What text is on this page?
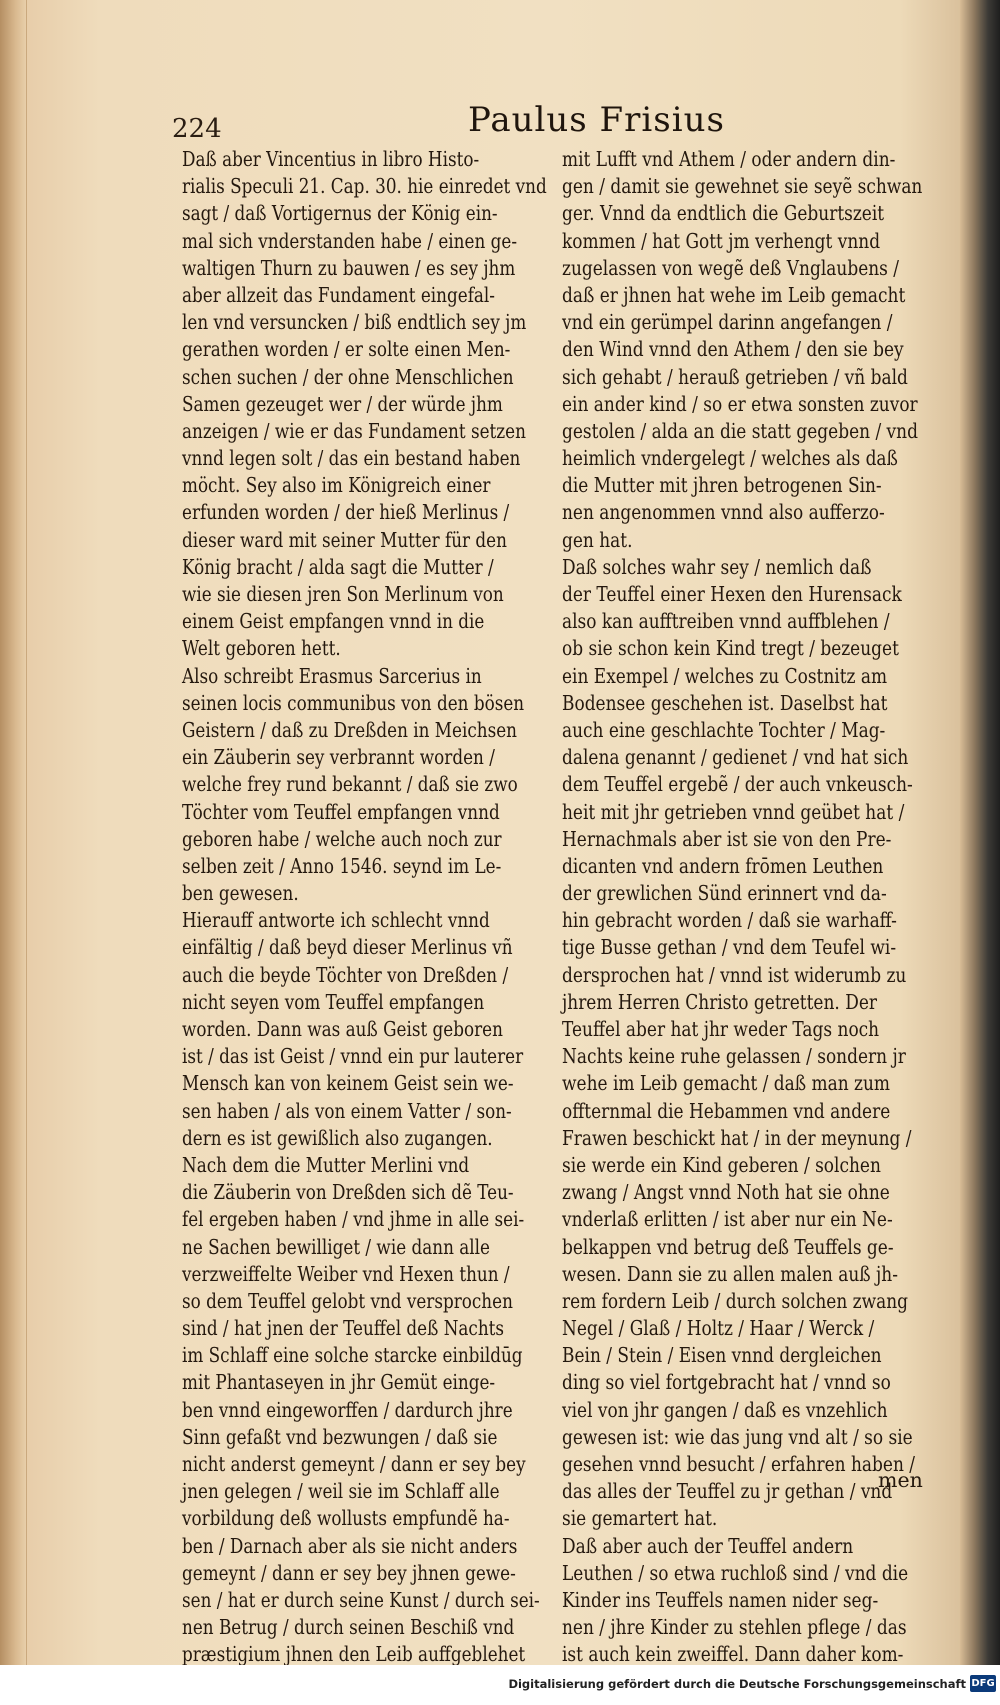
224	Paulus Frisius
Daß aber Vincentius in libro Histo-
rialis Speculi 21. Cap. 30. hie einredet vnd
sagt / daß Vortigernus der König ein-
mal sich vnderstanden habe / einen ge-
waltigen Thurn zu bauwen / es sey jhm
aber allzeit das Fundament eingefal-
len vnd versuncken / biß endtlich sey jm
gerathen worden / er solte einen Men-
schen suchen / der ohne Menschlichen
Samen gezeuget wer / der würde jhm
anzeigen / wie er das Fundament setzen
vnnd legen solt / das ein bestand haben
möcht. Sey also im Königreich einer
erfunden worden / der hieß Merlinus /
dieser ward mit seiner Mutter für den
König bracht / alda sagt die Mutter /
wie sie diesen jren Son Merlinum von
einem Geist empfangen vnnd in die
Welt geboren hett.
Also schreibt Erasmus Sarcerius in
seinen locis communibus von den bösen
Geistern / daß zu Dreßden in Meichsen
ein Zäuberin sey verbrannt worden /
welche frey rund bekannt / daß sie zwo
Töchter vom Teuffel empfangen vnnd
geboren habe / welche auch noch zur
selben zeit / Anno 1546. seynd im Le-
ben gewesen.
Hierauff antworte ich schlecht vnnd
einfältig / daß beyd dieser Merlinus vñ
auch die beyde Töchter von Dreßden /
nicht seyen vom Teuffel empfangen
worden. Dann was auß Geist geboren
ist / das ist Geist / vnnd ein pur lauterer
Mensch kan von keinem Geist sein we-
sen haben / als von einem Vatter / son-
dern es ist gewißlich also zugangen.
Nach dem die Mutter Merlini vnd
die Zäuberin von Dreßden sich dẽ Teu-
fel ergeben haben / vnd jhme in alle sei-
ne Sachen bewilliget / wie dann alle
verzweiffelte Weiber vnd Hexen thun /
so dem Teuffel gelobt vnd versprochen
sind / hat jnen der Teuffel deß Nachts
im Schlaff eine solche starcke einbildūg
mit Phantaseyen in jhr Gemüt einge-
ben vnnd eingeworffen / dardurch jhre
Sinn gefaßt vnd bezwungen / daß sie
nicht anderst gemeynt / dann er sey bey
jnen gelegen / weil sie im Schlaff alle
vorbildung deß wollusts empfundẽ ha-
ben / Darnach aber als sie nicht anders
gemeynt / dann er sey bey jhnen gewe-
sen / hat er durch seine Kunst / durch sei-
nen Betrug / durch seinen Beschiß vnd
præstigium jhnen den Leib auffgeblehet
mit Lufft vnd Athem / oder andern din-
gen / damit sie gewehnet sie seyẽ schwan
ger. Vnnd da endtlich die Geburtszeit
kommen / hat Gott jm verhengt vnnd
zugelassen von wegẽ deß Vnglaubens /
daß er jhnen hat wehe im Leib gemacht
vnd ein gerümpel darinn angefangen /
den Wind vnnd den Athem / den sie bey
sich gehabt / herauß getrieben / vñ bald
ein ander kind / so er etwa sonsten zuvor
gestolen / alda an die statt gegeben / vnd
heimlich vndergelegt / welches als daß
die Mutter mit jhren betrogenen Sin-
nen angenommen vnnd also aufferzo-
gen hat.
Daß solches wahr sey / nemlich daß
der Teuffel einer Hexen den Hurensack
also kan aufftreiben vnnd auffblehen /
ob sie schon kein Kind tregt / bezeuget
ein Exempel / welches zu Costnitz am
Bodensee geschehen ist. Daselbst hat
auch eine geschlachte Tochter / Mag-
dalena genannt / gedienet / vnd hat sich
dem Teuffel ergebẽ / der auch vnkeusch-
heit mit jhr getrieben vnnd geübet hat /
Hernachmals aber ist sie von den Pre-
dicanten vnd andern frōmen Leuthen
der grewlichen Sünd erinnert vnd da-
hin gebracht worden / daß sie warhaff-
tige Busse gethan / vnd dem Teufel wi-
dersprochen hat / vnnd ist widerumb zu
jhrem Herren Christo getretten. Der
Teuffel aber hat jhr weder Tags noch
Nachts keine ruhe gelassen / sondern jr
wehe im Leib gemacht / daß man zum
offternmal die Hebammen vnd andere
Frawen beschickt hat / in der meynung /
sie werde ein Kind geberen / solchen
zwang / Angst vnnd Noth hat sie ohne
vnderlaß erlitten / ist aber nur ein Ne-
belkappen vnd betrug deß Teuffels ge-
wesen. Dann sie zu allen malen auß jh-
rem fordern Leib / durch solchen zwang
Negel / Glaß / Holtz / Haar / Werck /
Bein / Stein / Eisen vnnd dergleichen
ding so viel fortgebracht hat / vnnd so
viel von jhr gangen / daß es vnzehlich
gewesen ist: wie das jung vnd alt / so sie
gesehen vnnd besucht / erfahren haben /
das alles der Teuffel zu jr gethan / vnd
sie gemartert hat.
Daß aber auch der Teuffel andern
Leuthen / so etwa ruchloß sind / vnd die
Kinder ins Teuffels namen nider seg-
nen / jhre Kinder zu stehlen pflege / das
ist auch kein zweiffel. Dann daher kom-
men
Digitalisierung gefördert durch die Deutsche Forschungsgemeinschaft DFG
